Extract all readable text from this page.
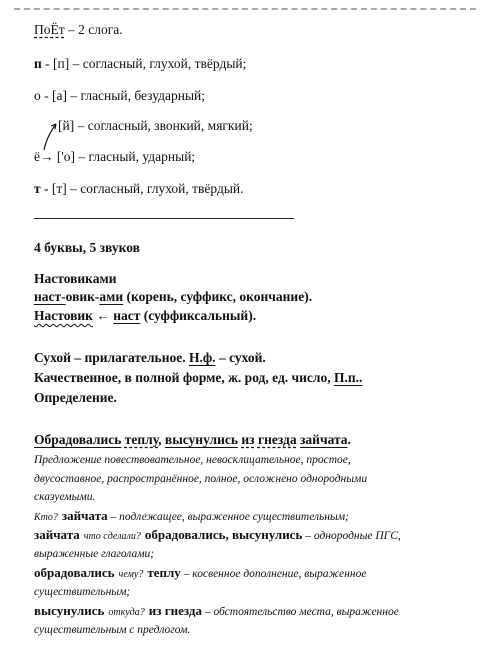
ПоЁт – 2 слога.
п - [п] – согласный, глухой, твёрдый;
о - [а] – гласный, безударный;
[й] – согласный, звонкий, мягкий;
ё→ ['о] – гласный, ударный;
т - [т] – согласный, глухой, твёрдый.
4 буквы, 5 звуков
Настовиками
наст-овик-ами (корень, суффикс, окончание).
Настовик ← наст (суффиксальный).
Сухой – прилагательное. Н.ф. – сухой.
Качественное, в полной форме, ж. род, ед. число, П.п..
Определение.
Обрадовались теплу, высунулись из гнезда зайчата.
Предложение повествовательное, невосклицательное, простое,
двусоставное, распространённое, полное, осложнено однородными
сказуемыми.
Кто? зайчата – подлежащее, выраженное существительным;
зайчата что сделали? обрадовались, высунулись – однородные ПГС,
выраженные глаголами;
обрадовались чему? теплу – косвенное дополнение, выраженное
существительным;
высунулись откуда? из гнезда – обстоятельство места, выраженное
существительным с предлогом.
